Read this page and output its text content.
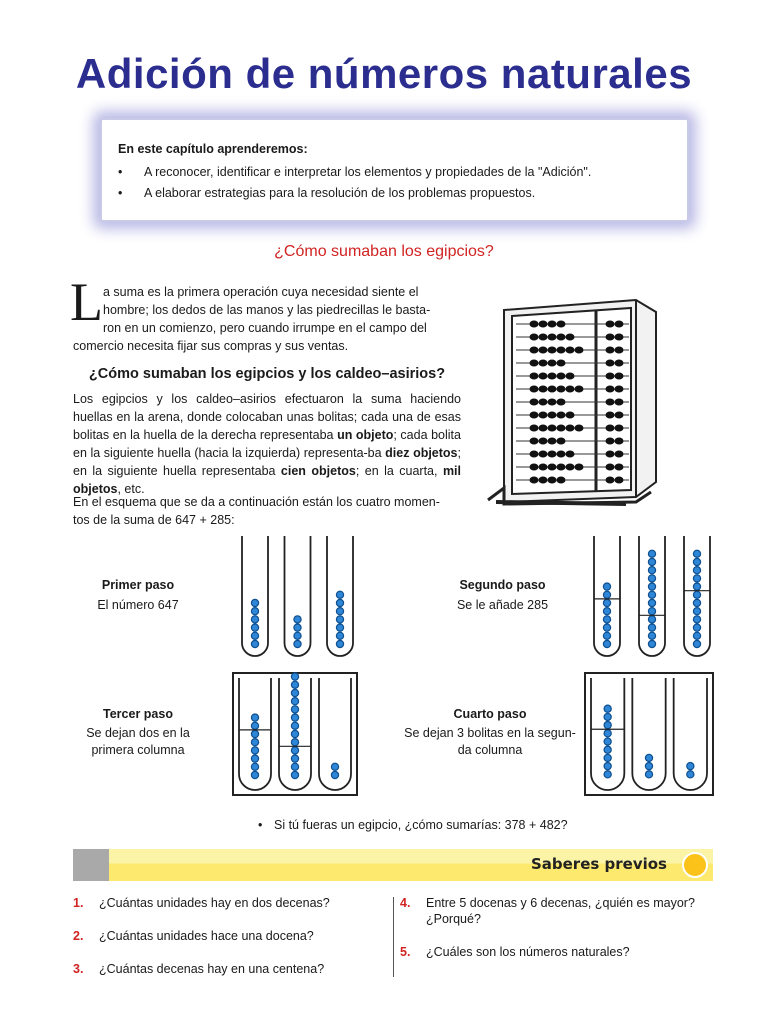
Adición de números naturales
En este capítulo aprenderemos:
• A reconocer, identificar e interpretar los elementos y propiedades de la "Adición".
• A elaborar estrategias para la resolución de los problemas propuestos.
¿Cómo sumaban los egipcios?
L a suma es la primera operación cuya necesidad siente el
hombre; los dedos de las manos y las piedrecillas le basta-
ron en un comienzo, pero cuando irrumpe en el campo del
comercio necesita fijar sus compras y sus ventas.
¿Cómo sumaban los egipcios y los caldeo–asirios?
Los egipcios y los caldeo–asirios efectuaron la suma haciendo huellas en la arena, donde colocaban unas bolitas; cada una de esas bolitas en la huella de la derecha representaba un objeto; cada bolita en la siguiente huella (hacia la izquierda) representa-ba diez objetos; en la siguiente huella representaba cien objetos; en la cuarta, mil objetos, etc.
En el esquema que se da a continuación están los cuatro momen-
tos de la suma de 647 + 285:
Primer paso
El número 647
Segundo paso
Se le añade 285
Tercer paso
Se dejan dos en la
primera columna
Cuarto paso
Se dejan 3 bolitas en la segun-
da columna
• Si tú fueras un egipcio, ¿cómo sumarías: 378 + 482?
Saberes previos
1. ¿Cuántas unidades hay en dos decenas?
2. ¿Cuántas unidades hace una docena?
3. ¿Cuántas decenas hay en una centena?
4. Entre 5 docenas y 6 decenas, ¿quién es mayor?
¿Porqué?
5. ¿Cuáles son los números naturales?
